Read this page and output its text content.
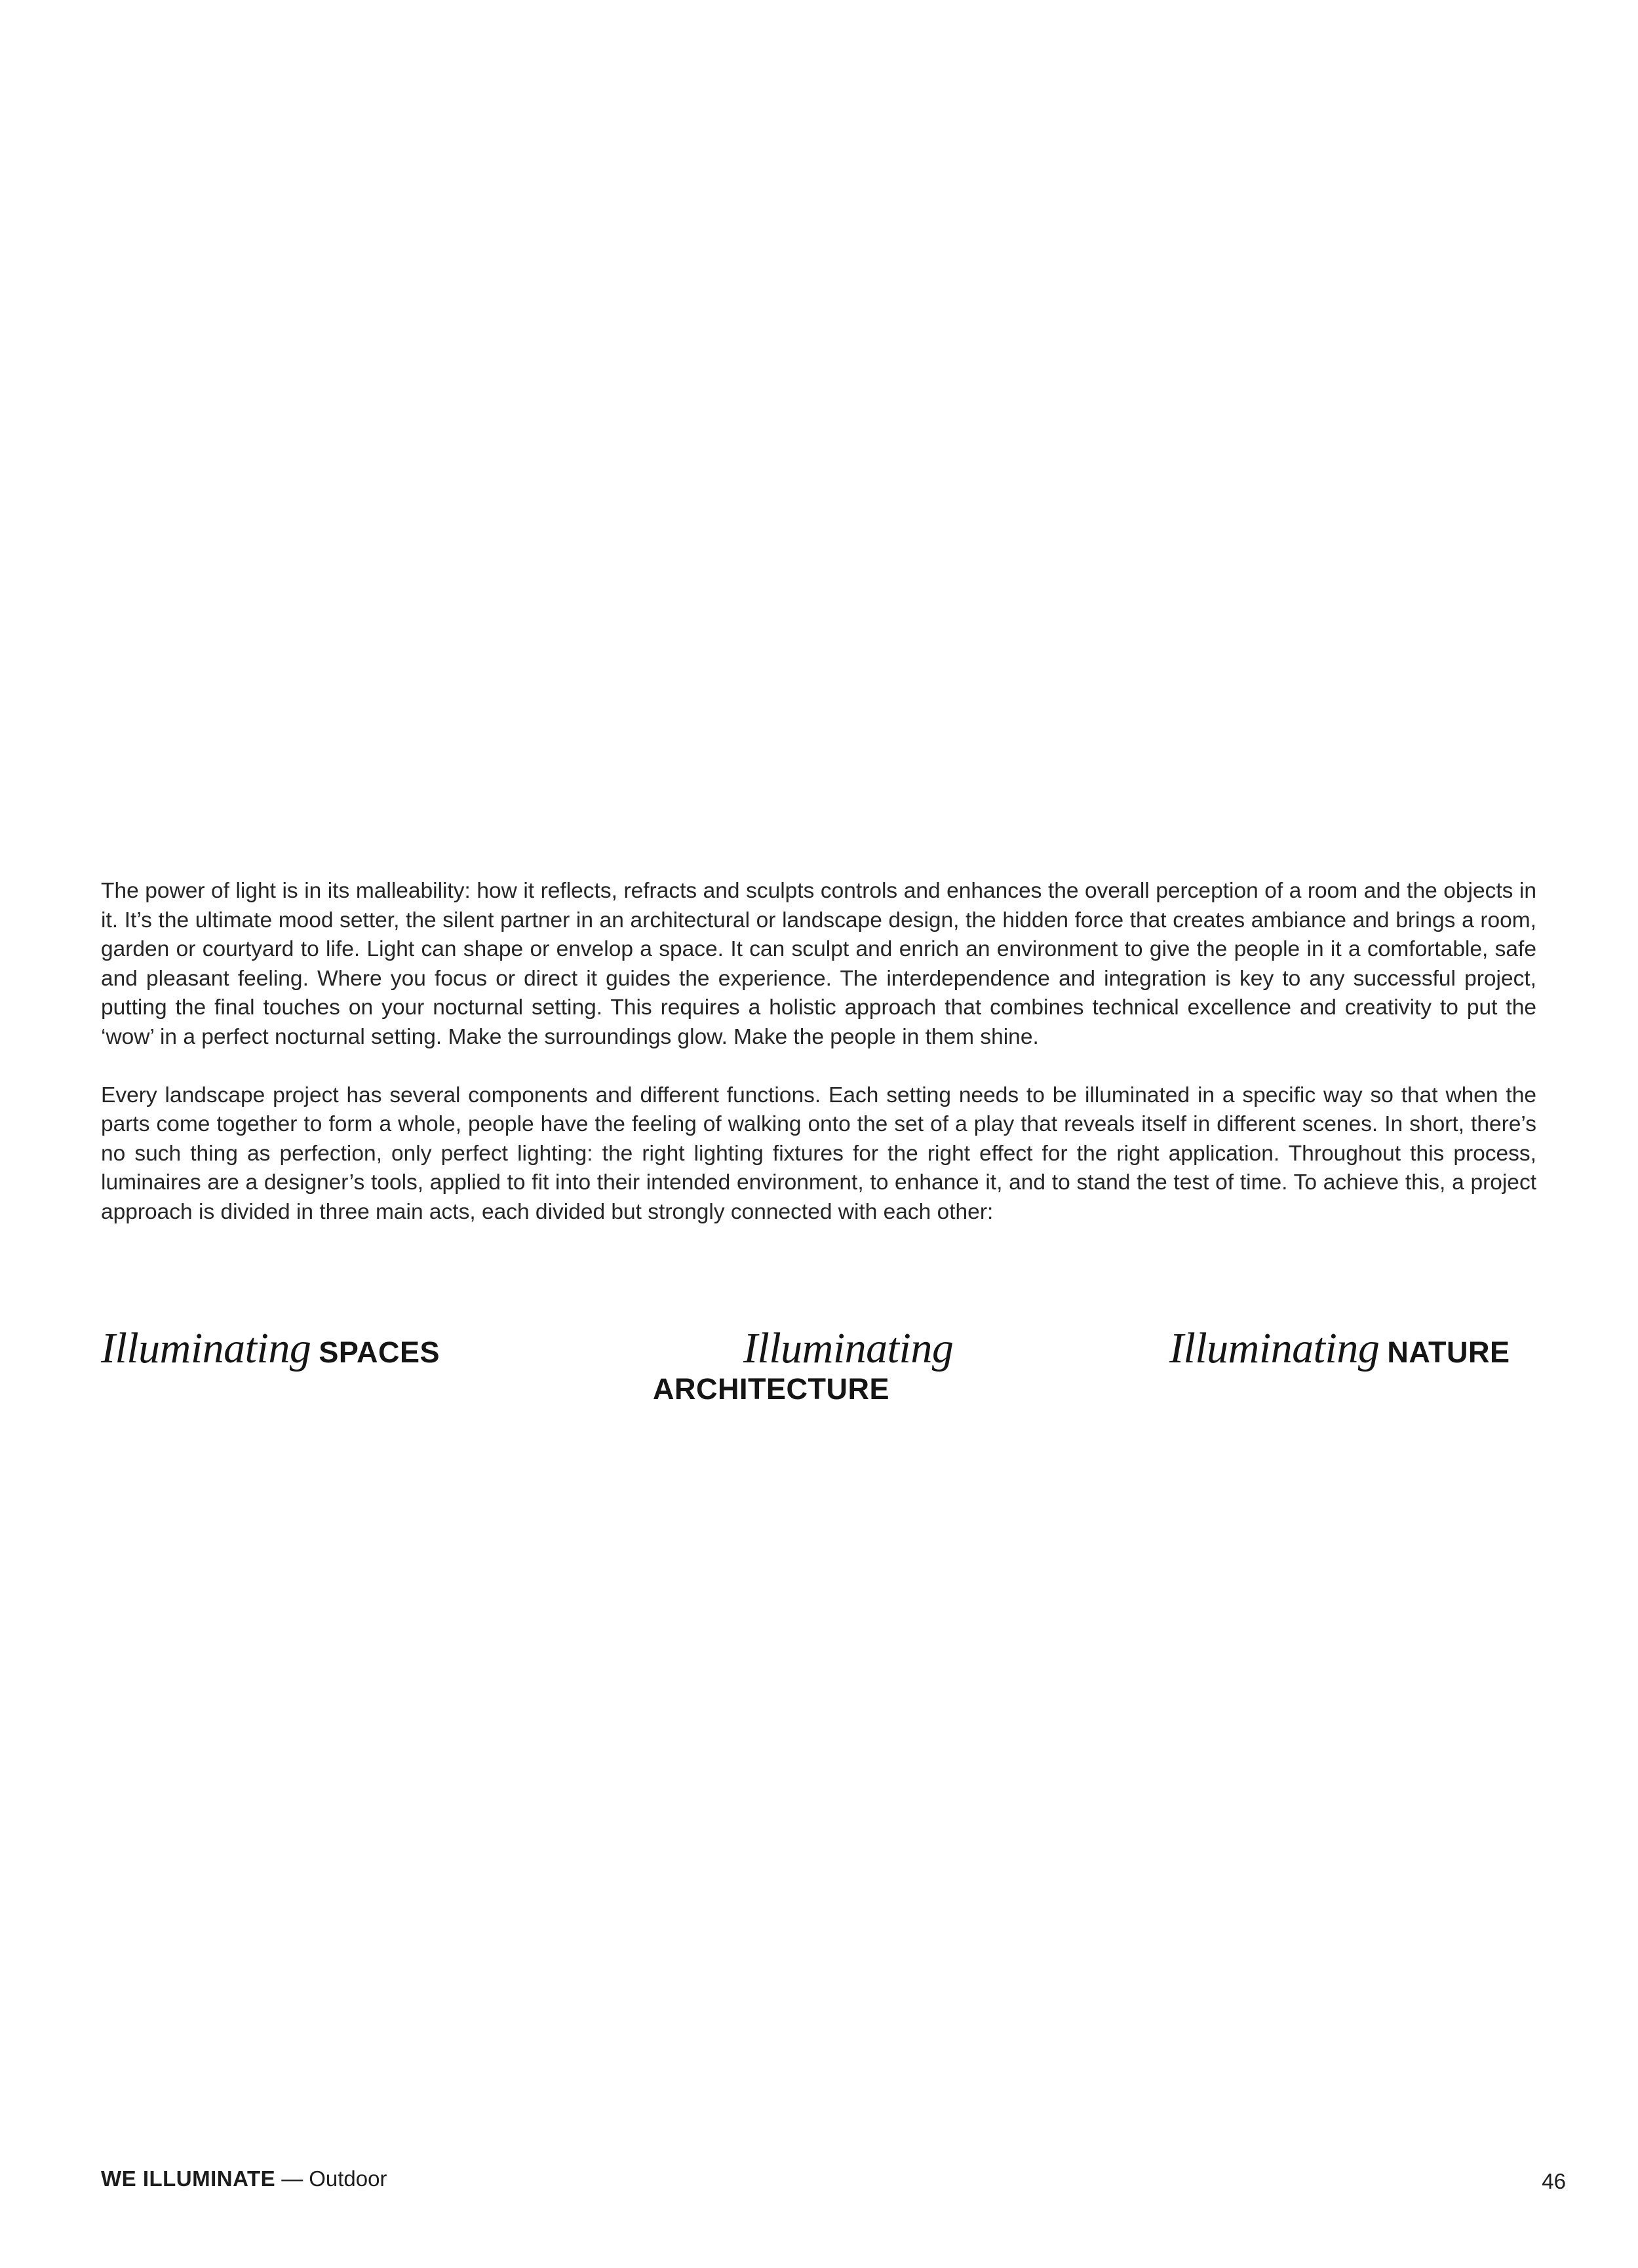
The power of light is in its malleability: how it reflects, refracts and sculpts controls and enhances the overall perception of a room and the objects in it. It’s the ultimate mood setter, the silent partner in an architectural or landscape design, the hidden force that creates ambiance and brings a room, garden or courtyard to life. Light can shape or envelop a space. It can sculpt and enrich an environment to give the people in it a comfortable, safe and pleasant feeling. Where you focus or direct it guides the experience. The interdependence and integration is key to any successful project, putting the final touches on your nocturnal setting. This requires a holistic approach that combines technical excellence and creativity to put the ‘wow’ in a perfect nocturnal setting. Make the surroundings glow. Make the people in them shine.

Every landscape project has several components and different functions. Each setting needs to be illuminated in a specific way so that when the parts come together to form a whole, people have the feeling of walking onto the set of a play that reveals itself in different scenes. In short, there’s no such thing as perfection, only perfect lighting: the right lighting fixtures for the right effect for the right application. Throughout this process, luminaires are a designer’s tools, applied to fit into their intended environment, to enhance it, and to stand the test of time. To achieve this, a project approach is divided in three main acts, each divided but strongly connected with each other:

Illuminating SPACES	Illuminating
ARCHITECTURE
Illuminating NATURE
WE ILLUMINATE — Outdoor	46
